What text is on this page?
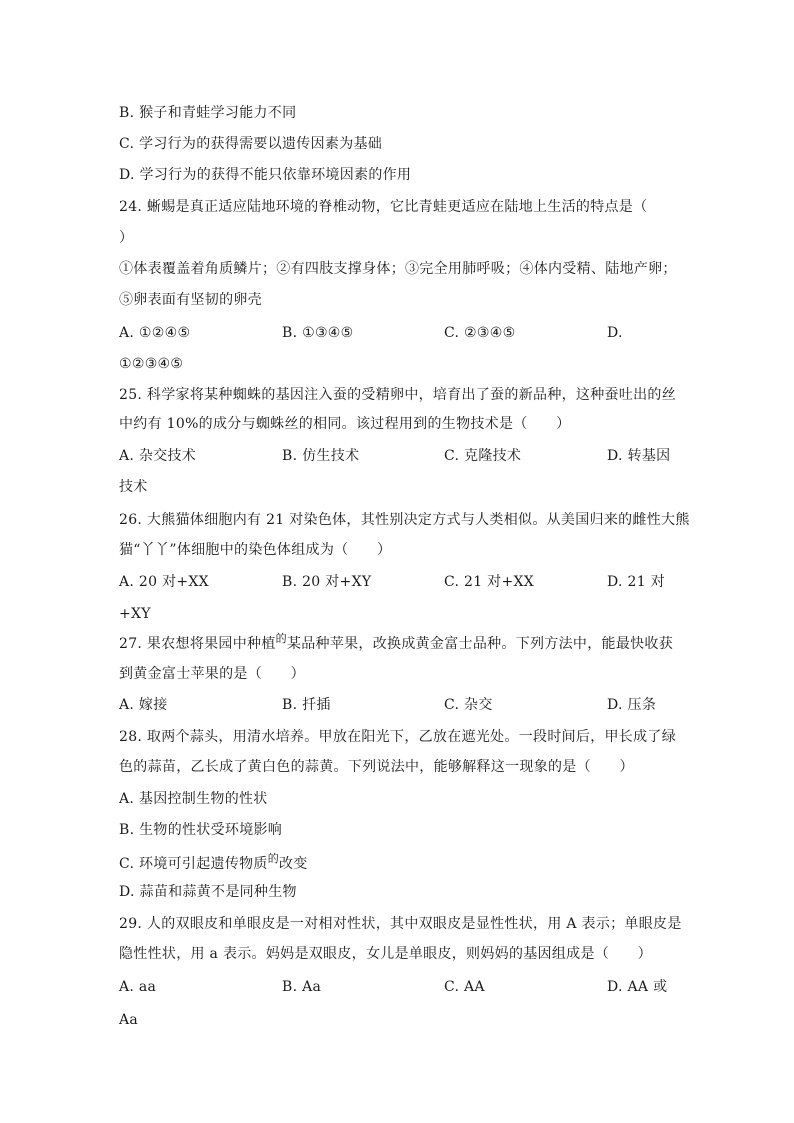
B. 猴子和青蛙学习能力不同
C. 学习行为的获得需要以遗传因素为基础
D. 学习行为的获得不能只依靠环境因素的作用
24. 蜥蜴是真正适应陆地环境的脊椎动物，它比青蛙更适应在陆地上生活的特点是（
）
①体表覆盖着角质鳞片；②有四肢支撑身体；③完全用肺呼吸；④体内受精、陆地产卵；
⑤卵表面有坚韧的卵壳
A. ①②④⑤	B. ①③④⑤	C. ②③④⑤	D.
①②③④⑤
25. 科学家将某种蜘蛛的基因注入蚕的受精卵中，培育出了蚕的新品种，这种蚕吐出的丝
中约有 10%的成分与蜘蛛丝的相同。该过程用到的生物技术是（　　）
A. 杂交技术	B. 仿生技术	C. 克隆技术	D. 转基因
技术
26. 大熊猫体细胞内有 21 对染色体，其性别决定方式与人类相似。从美国归来的雌性大熊
猫“丫丫”体细胞中的染色体组成为（　　）
A. 20 对+XX	B. 20 对+XY	C. 21 对+XX	D. 21 对
+XY
27. 果农想将果园中种植$^的$某品种苹果，改换成黄金富士品种。下列方法中，能最快收获
到黄金富士苹果的是（　　）
A. 嫁接	B. 扦插	C. 杂交	D. 压条
28. 取两个蒜头，用清水培养。甲放在阳光下，乙放在遮光处。一段时间后，甲长成了绿
色的蒜苗，乙长成了黄白色的蒜黄。下列说法中，能够解释这一现象的是（　　）
A. 基因控制生物的性状
B. 生物的性状受环境影响
C. 环境可引起遗传物质$^的$改变
D. 蒜苗和蒜黄不是同种生物
29. 人的双眼皮和单眼皮是一对相对性状，其中双眼皮是显性性状，用 A 表示；单眼皮是
隐性性状，用 a 表示。妈妈是双眼皮，女儿是单眼皮，则妈妈的基因组成是（　　）
A. aa	B. Aa	C. AA	D. AA 或
Aa
